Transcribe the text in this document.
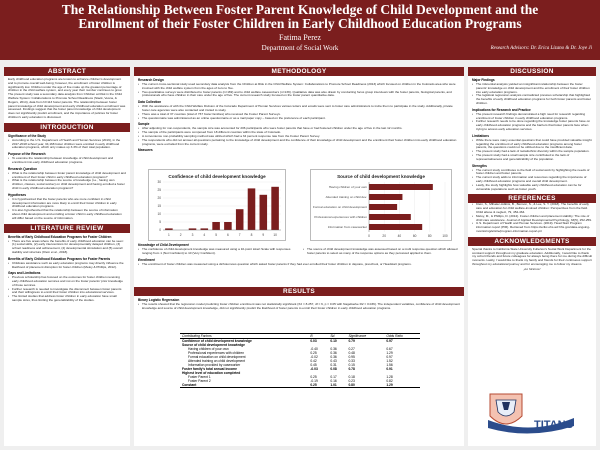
The Relationship Between Foster Parent Knowledge of Child Development and the
Enrollment of their Foster Children in Early Childhood Education Programs
Fatima Perez
Department of Social Work	Research Advisors: Dr. Erica Lizano & Dr. Joye Ji
ABSTRACT
Early childhood education programs are known to enhance children's development and to promote overall well-being; however, the enrollment of foster children is significantly low. Children under the age of five make up the greatest percentage of children in the child welfare system, and every year their number continues to grow. The present study was a secondary data analysis from Children at Risk in the Child Welfare System: Collaborations to Promote School Readiness (Stack, Vesna, & Rogers, 2014), data from N=113 foster parents. The relationship between foster parent knowledge of child development and early childhood education enrollment was assessed. Findings suggest that the foster parent knowledge of child development does not significantly predict enrollment, and the importance of policies for foster children's early education is discussed.
INTRODUCTION
Significance of the Study
• According to the U.S. Department of Health and Human Services (2019), in the 2017-2018 school year, 34,168 foster children were enrolled in early childhood education programs, which only makes up 3.3% of their total population.
Purpose of the Research
• To examine the relationship between knowledge of child development and enrollment into early childhood education programs.
Research Question
• What is the relationship between foster parent knowledge of child development and enrollment of their foster child in early childhood education programs?
• What is the relationship between the source of knowledge (i.e., having own children, classes, social worker) on child development and having enrolled a foster child in early childhood education programs?
Hypotheses
• It is hypothesized that the foster parents who are more confident in child development information are more likely to enroll their foster children in early childhood education programs.
• It is also hypothesized that the relationship between the source of information about child development and enrolling a foster child in early childhood education will differ based on the source of information.
LITERATURE REVIEW
Benefits of Early Childhood Education Programs for Foster Children
• There are five areas where the benefits of early childhood education can be seen: (1) social skills, (2) early interventions for developmentally delayed children, (3) school readiness and achievement, (4) developmental stimulation and (5) overall stability and structure (Klein et al., 2018).
Benefits of Early Childhood Education Programs for Foster Parents
• Childcare assistance such as early education programs may directly influence the likelihood of placement disruption for foster children (Meloy & Phillips, 2012).
Gaps and Limitations
• Previous scholarship has focused on the outcomes for foster children receiving early childhood education services and not on the foster parents' prior knowledge of those services.
• Further research is needed to investigate the disconnect between foster parents and their willingness to enroll their foster children into educational services.
• The limited studies that address foster children in early education have small sample sizes, thus limiting the generalizability of the studies.
METHODOLOGY
Research Design
• The current cross-sectional study used secondary data analysis from the Children at Risk in the Child Welfare System: Collaborations to Promote School Readiness (2013) which focused on children in the Colorado area who were involved with the child welfare system from the ages of zero to five.
• Two quantitative surveys were distributed to foster parents (n=169) and to child welfare caseworkers (n=139). Qualitative data was also drawn by conducting focus group interviews with the foster parents, biological parents, and professionals who have children in their care under the age of five. The current research study focused on the foster parent quantitative data.
Data Collection
• With the assistance of with the Child Welfare Division of the Colorado Department of Human Services various letters and emails were sent to foster care administrators to invite them to participate in the study. Additionally, private foster care agencies were also contacted and invited to study.
• There was a total of 37 counties (total of 767 foster families) who received the Foster Parent Surveys.
• The questionnaire was administered as an online questionnaire or as a mail paper copy – based on the preference of each participant.
Sample
• After adjusting for non-respondents, the sample size was accounted for 206 participants who were foster parents that have or had fostered children under the age of five in the last 12 months.
• The sample of the participants were composed from 18 different counties within the state of Colorado.
• A convenience non-probability sampling method was utilized which had a 34 percent response rate from the Foster Parent Survey.
• The respondents who did not answer all questions pertaining to the knowledge of child development and the confidence of their knowledge of child development and the enrollment their foster children into early childhood education programs, were excluded from the current study.
Measures
Confidence of child development knowledge
0
5
10
15
20
25
30
1	2	3	4	5	6	7	8	9	10
Source of child development knowledge
0	20	40	60	80	100
Having children of your own
Attended training on child dev.
Formal education on child development
Professional experiences with children
Information from caseworker
Knowledge of Child Development
• The confidence of child development knowledge was measured using a 10-point Likert Scale with responses ranging from 1 (Not Confident) to 10 (Very Confident).
• The source of child development knowledge was assessed based on a multi response question which allowed foster parents to select as many of the response options as they perceived applied to them.
Enrollment
• The enrollment of foster children was measured using a dichotomous question which asked foster parents if they had ever enrolled their foster children in daycare, preschool, or Headstart programs.
RESULTS
Binary Logistic Regression
• The results showed that the regression model predicting foster children enrollment was not statistically significant (X2 = 8.257, df = 6, p = 0.05 with Nagelkerke R2 = 0.036). The independent variables, confidence of child development knowledge and source of child development knowledge, did not significantly predict the likelihood of foster parents to enroll their foster children in early childhood education programs.
Contributing Factors	B	Sd.	Significance	Odds Ratio
Confidence of child development knowledge	0.03	0.10	0.79	0.97
Source of child development knowledge				
Having children of your own	-0.40	0.36	0.27	0.67
Professional experiences with children	0.25	0.36	0.48	1.29
Formal education on child development	-0.02	0.36	0.95	0.97
Attended training on child development	0.42	0.43	0.33	1.52
Information provided by caseworker	0.45	0.31	0.15	1.56
Foster family's total annual income	-0.03	0.08	0.78	0.91
Highest level of education completed				
Foster Parent 1	0.25	0.17	0.18	1.28
Foster Parent 2	-0.19	0.16	0.23	0.82
Constant	0.25	1.01	0.80	1.29
DISCUSSION
Major Findings
• The inferential analysis yielded an insignificant relationship between the foster parents' knowledge on child development and the enrollment of their foster children into early education programs.
• The logistical regression analysis contradicted previous scholarship that highlighted the benefits of early childhood education programs for both foster parents and foster children.
Implications for Research and Practice
• The present research findings demonstrated a high need for research regarding enrollment of foster children in early childhood education programs.
• Further research needs to be done regarding the knowledge foster parents have on early childhood education programs and the barriers that foster parents face when trying to access early education services.
Limitations
• While there were many essential questions that could have provided valuable insight regarding the enrollment of early childhood education programs among foster parents, the questions could not be utilized due to the insufficient data.
• The present study had a lack of racial/ethnic diversity within the sample population.
• The present study had a small sample size contributed to the lack of representativeness and generalizability of the population.
Strengths
• The current study contributes to the field of social work by highlighting the needs of foster children and foster parents.
• The current study adds to information and resources regarding the importance of early childhood education programs and overall child development.
• Lastly, the study highlights how valuable early childhood education can be for vulnerable populations such as foster youth.
REFERENCES
• Klein, S., Mihalec-Adkins, B., Benson, S., & Lee, S. Y. (2018). The benefits of early care and education for child welfare-involved children: Perspectives from the field. Child abuse & neglect, 79, 454-464.
• Meloy, M., & Phillips, D. (2012). Foster children and placement stability: The role of child care assistance. Journal of Applied Developmental Psychology, 33(5), 252-259.
• U.S. Department of Health and Human Services. (2019). Head Start Program information report (PIR). Retrieved from https://eclkc.ohs.acf.hhs.gov/data-ongoing-monitoring/article/program-information-report-pir
ACKNOWLEDGMENTS
Special thanks to California State University Fullerton's Social Work Department for the constant support throughout my graduate education. Additionally, I would like to thank my cohort friends and future colleagues for always being there for me during the difficult moments. Lastly, I would like to thank my family and friends for their continuous support throughout my educational journey and for encouraging me to follow my dreams.
¡Lo hicimos!
TITANS
